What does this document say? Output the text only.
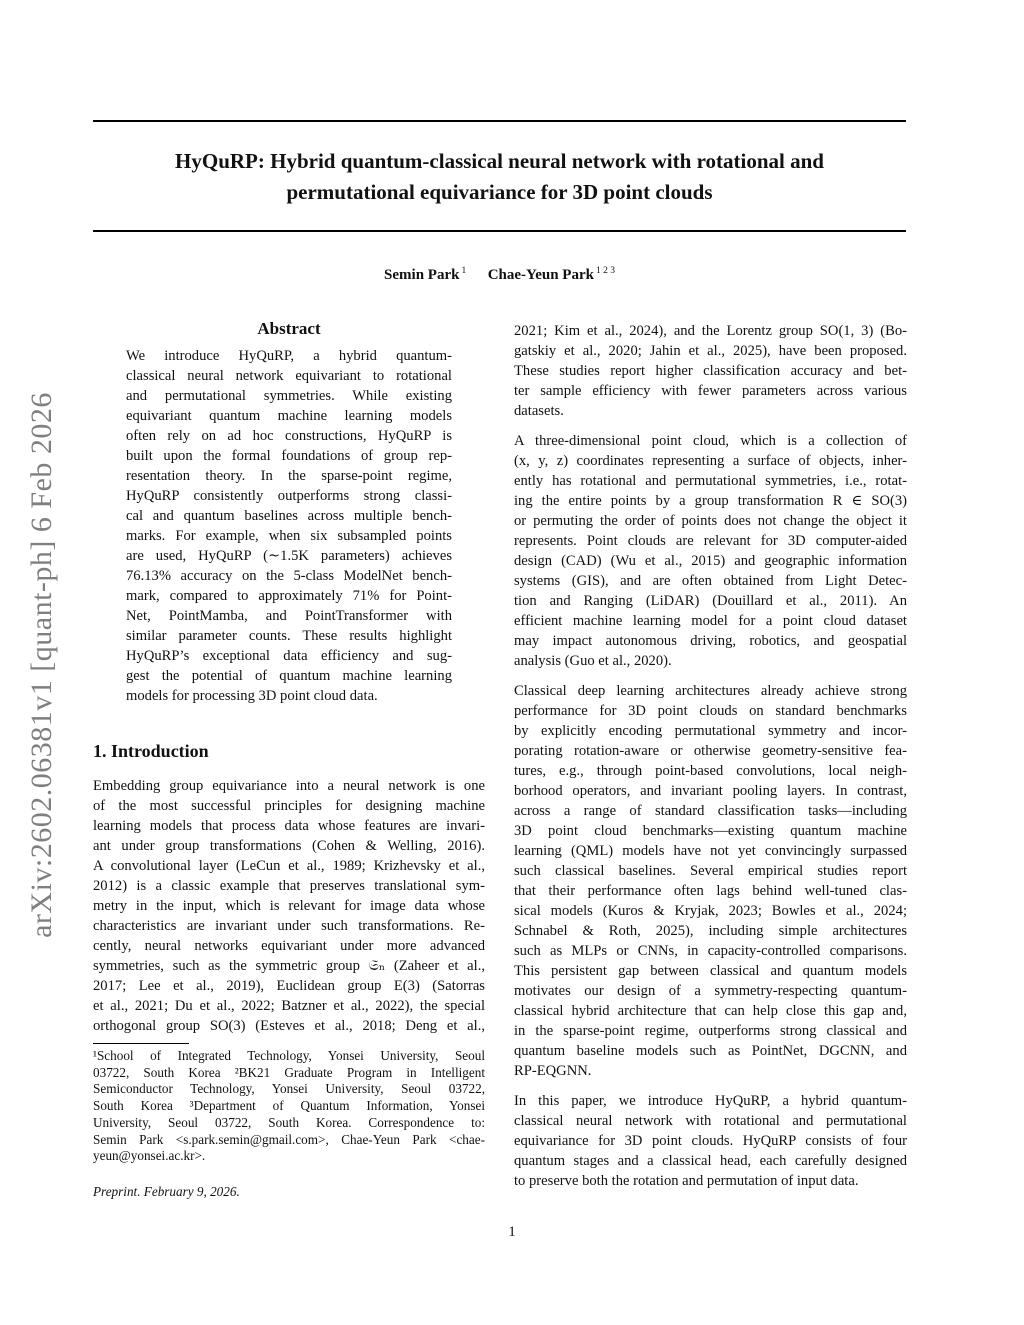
arXiv:2602.06381v1 [quant-ph] 6 Feb 2026
HyQuRP: Hybrid quantum-classical neural network with rotational and
permutational equivariance for 3D point clouds
Semin Park $^1$ Chae-Yeun Park $^{1 2 3}$
Abstract
We introduce HyQuRP, a hybrid quantum-
classical neural network equivariant to rotational
and permutational symmetries. While existing
equivariant quantum machine learning models
often rely on ad hoc constructions, HyQuRP is
built upon the formal foundations of group rep-
resentation theory. In the sparse-point regime,
HyQuRP consistently outperforms strong classi-
cal and quantum baselines across multiple bench-
marks. For example, when six subsampled points
are used, HyQuRP (∼1.5K parameters) achieves
76.13% accuracy on the 5-class ModelNet bench-
mark, compared to approximately 71% for Point-
Net, PointMamba, and PointTransformer with
similar parameter counts. These results highlight
HyQuRP’s exceptional data efficiency and sug-
gest the potential of quantum machine learning
models for processing 3D point cloud data.
1. Introduction
Embedding group equivariance into a neural network is one
of the most successful principles for designing machine
learning models that process data whose features are invari-
ant under group transformations (Cohen & Welling, 2016).
A convolutional layer (LeCun et al., 1989; Krizhevsky et al.,
2012) is a classic example that preserves translational sym-
metry in the input, which is relevant for image data whose
characteristics are invariant under such transformations. Re-
cently, neural networks equivariant under more advanced
symmetries, such as the symmetric group 𝔖ₙ (Zaheer et al.,
2017; Lee et al., 2019), Euclidean group E(3) (Satorras
et al., 2021; Du et al., 2022; Batzner et al., 2022), the special
orthogonal group SO(3) (Esteves et al., 2018; Deng et al.,
¹School of Integrated Technology, Yonsei University, Seoul
03722, South Korea ²BK21 Graduate Program in Intelligent
Semiconductor Technology, Yonsei University, Seoul 03722,
South Korea ³Department of Quantum Information, Yonsei
University, Seoul 03722, South Korea. Correspondence to:
Semin Park <s.park.semin@gmail.com>, Chae-Yeun Park <chae-
yeun@yonsei.ac.kr>.
Preprint. February 9, 2026.
2021; Kim et al., 2024), and the Lorentz group SO(1, 3) (Bo-
gatskiy et al., 2020; Jahin et al., 2025), have been proposed.
These studies report higher classification accuracy and bet-
ter sample efficiency with fewer parameters across various
datasets.
A three-dimensional point cloud, which is a collection of
(x, y, z) coordinates representing a surface of objects, inher-
ently has rotational and permutational symmetries, i.e., rotat-
ing the entire points by a group transformation R ∈ SO(3)
or permuting the order of points does not change the object it
represents. Point clouds are relevant for 3D computer-aided
design (CAD) (Wu et al., 2015) and geographic information
systems (GIS), and are often obtained from Light Detec-
tion and Ranging (LiDAR) (Douillard et al., 2011). An
efficient machine learning model for a point cloud dataset
may impact autonomous driving, robotics, and geospatial
analysis (Guo et al., 2020).
Classical deep learning architectures already achieve strong
performance for 3D point clouds on standard benchmarks
by explicitly encoding permutational symmetry and incor-
porating rotation-aware or otherwise geometry-sensitive fea-
tures, e.g., through point-based convolutions, local neigh-
borhood operators, and invariant pooling layers. In contrast,
across a range of standard classification tasks—including
3D point cloud benchmarks—existing quantum machine
learning (QML) models have not yet convincingly surpassed
such classical baselines. Several empirical studies report
that their performance often lags behind well-tuned clas-
sical models (Kuros & Kryjak, 2023; Bowles et al., 2024;
Schnabel & Roth, 2025), including simple architectures
such as MLPs or CNNs, in capacity-controlled comparisons.
This persistent gap between classical and quantum models
motivates our design of a symmetry-respecting quantum-
classical hybrid architecture that can help close this gap and,
in the sparse-point regime, outperforms strong classical and
quantum baseline models such as PointNet, DGCNN, and
RP-EQGNN.
In this paper, we introduce HyQuRP, a hybrid quantum-
classical neural network with rotational and permutational
equivariance for 3D point clouds. HyQuRP consists of four
quantum stages and a classical head, each carefully designed
to preserve both the rotation and permutation of input data.
1
